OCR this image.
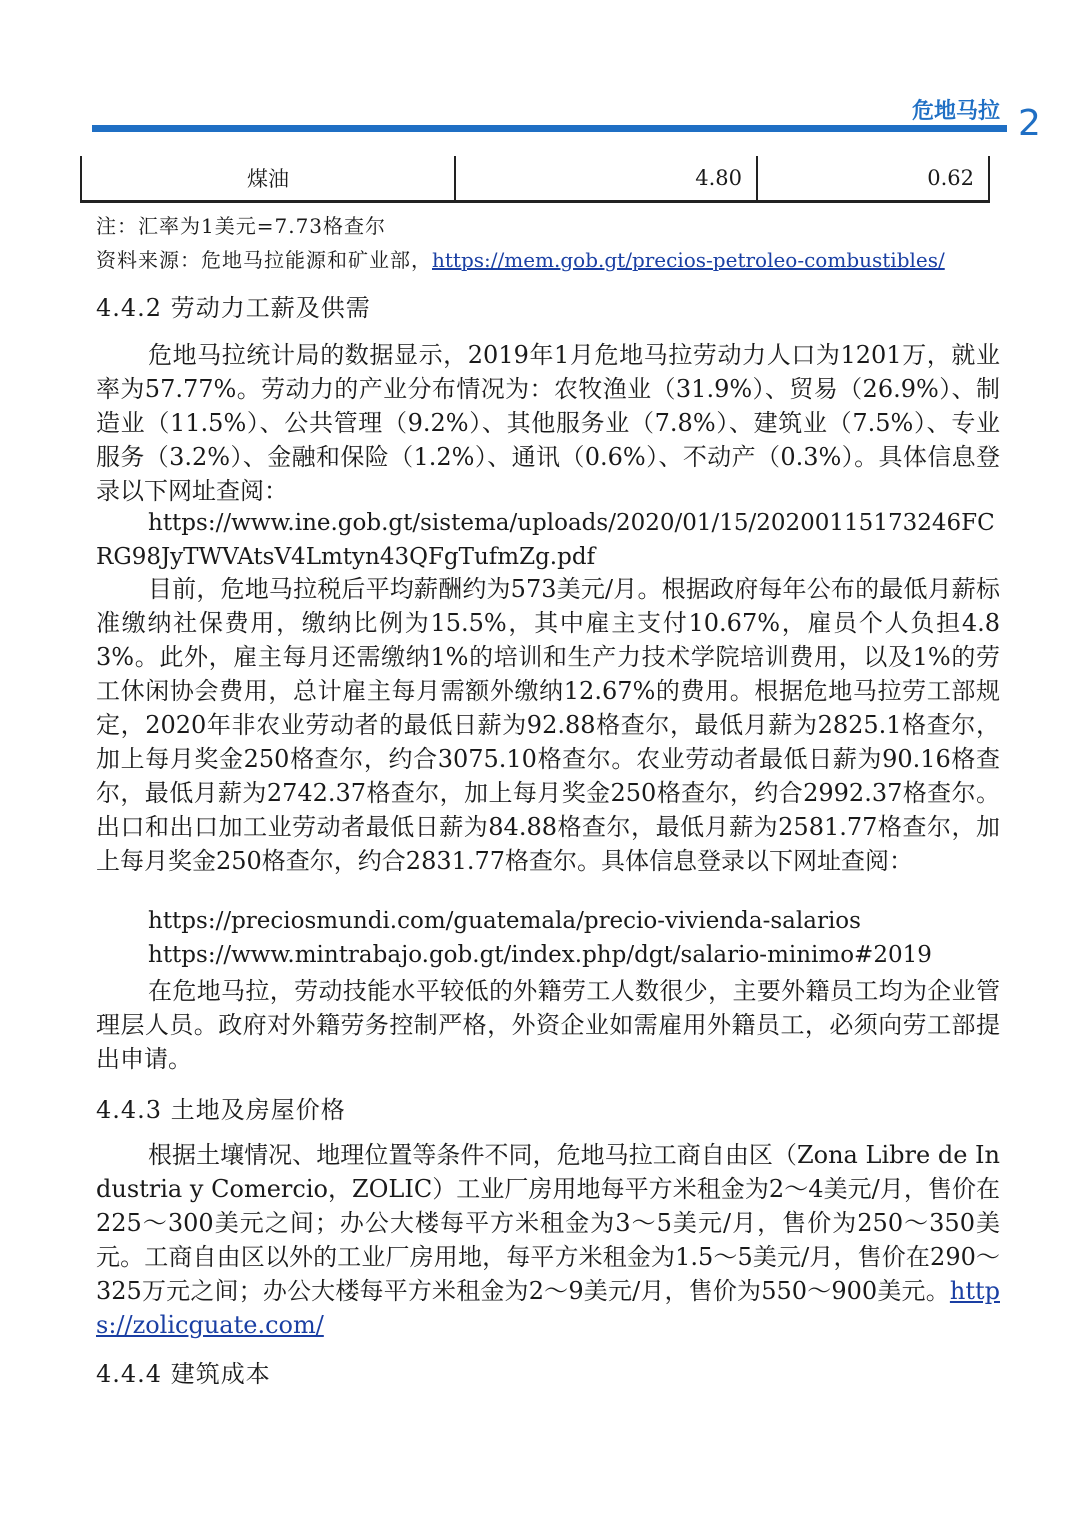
危地马拉 2
煤油	4.80	0.62

注：汇率为1美元=7.73格查尔

资料来源：危地马拉能源和矿业部，https://mem.gob.gt/precios-petroleo-combustibles/

4.4.2 劳动力工薪及供需

危地马拉统计局的数据显示，2019年1月危地马拉劳动力人口为1201万，就业率为57.77%。劳动力的产业分布情况为：农牧渔业（31.9%）、贸易（26.9%）、制造业（11.5%）、公共管理（9.2%）、其他服务业（7.8%）、建筑业（7.5%）、专业服务（3.2%）、金融和保险（1.2%）、通讯（0.6%）、不动产（0.3%）。具体信息登录以下网址查阅：

https://www.ine.gob.gt/sistema/uploads/2020/01/15/20200115173246FCRG98JyTWVAtsV4Lmtyn43QFgTufmZg.pdf

目前，危地马拉税后平均薪酬约为573美元/月。根据政府每年公布的最低月薪标准缴纳社保费用，缴纳比例为15.5%，其中雇主支付10.67%，雇员个人负担4.83%。此外，雇主每月还需缴纳1%的培训和生产力技术学院培训费用，以及1%的劳工休闲协会费用，总计雇主每月需额外缴纳12.67%的费用。根据危地马拉劳工部规定，2020年非农业劳动者的最低日薪为92.88格查尔，最低月薪为2825.1格查尔，加上每月奖金250格查尔，约合3075.10格查尔。农业劳动者最低日薪为90.16格查尔，最低月薪为2742.37格查尔，加上每月奖金250格查尔，约合2992.37格查尔。出口和出口加工业劳动者最低日薪为84.88格查尔，最低月薪为2581.77格查尔，加上每月奖金250格查尔，约合2831.77格查尔。具体信息登录以下网址查阅：

https://preciosmundi.com/guatemala/precio-vivienda-salarios

https://www.mintrabajo.gob.gt/index.php/dgt/salario-minimo#2019

在危地马拉，劳动技能水平较低的外籍劳工人数很少，主要外籍员工均为企业管理层人员。政府对外籍劳务控制严格，外资企业如需雇用外籍员工，必须向劳工部提出申请。

4.4.3 土地及房屋价格

根据土壤情况、地理位置等条件不同，危地马拉工商自由区（Zona Libre de Industria y Comercio，ZOLIC）工业厂房用地每平方米租金为2～4美元/月，售价在225～300美元之间；办公大楼每平方米租金为3～5美元/月，售价为250～350美元。工商自由区以外的工业厂房用地，每平方米租金为1.5～5美元/月，售价在290～325万元之间；办公大楼每平方米租金为2～9美元/月，售价为550～900美元。https://zolicguate.com/

4.4.4 建筑成本
